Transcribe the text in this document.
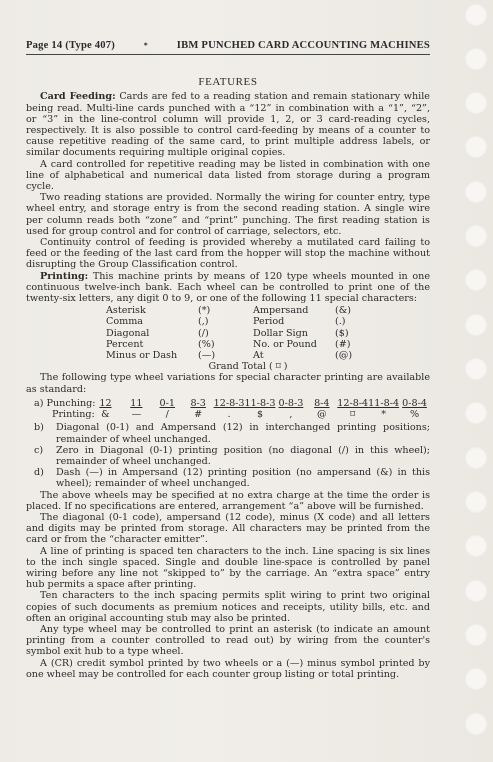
Page 14 (Type 407)	*	IBM PUNCHED CARD ACCOUNTING MACHINES
FEATURES

Card Feeding: Cards are fed to a reading station and remain stationary while being read. Multi-line cards punched with a “12” in combination with a “1”, “2”, or “3” in the line-control column will provide 1, 2, or 3 card-reading cycles, respectively. It is also possible to control card-feeding by means of a counter to cause repetitive reading of the same card, to print multiple address labels, or similar documents requiring multiple original copies.

A card controlled for repetitive reading may be listed in combination with one line of alphabetical and numerical data listed from storage during a program cycle.

Two reading stations are provided. Normally the wiring for counter entry, type wheel entry, and storage entry is from the second reading station. A single wire per column reads both “zone” and “print” punching. The first reading station is used for group control and for control of carriage, selectors, etc.

Continuity control of feeding is provided whereby a mutilated card failing to feed or the feeding of the last card from the hopper will stop the machine without disrupting the Group Classification control.

Printing: This machine prints by means of 120 type wheels mounted in one continuous twelve-inch bank. Each wheel can be controlled to print one of the twenty-six letters, any digit 0 to 9, or one of the following 11 special characters:

Asterisk	(*)	Ampersand	(&)
Comma	(,)	Period	(.)
Diagonal	(/)	Dollar Sign	($)
Percent	(%)	No. or Pound	(#)
Minus or Dash	(—)	At	(@)
Grand Total ( ⌑ )

The following type wheel variations for special character printing are available as standard:

a) Punching: 12	11	0-1	8-3 12-8-3 11-8-3 0-8-3	8-4 12-8-4 11-8-4 0-8-4
Printing: &	—	/	#	.	$	,	@	⌑	*	%
b)	Diagonal (0-1) and Ampersand (12) in interchanged printing positions; remainder of wheel unchanged.
c)	Zero in Diagonal (0-1) printing position (no diagonal (/) in this wheel); remainder of wheel unchanged.
d)	Dash (—) in Ampersand (12) printing position (no ampersand (&) in this wheel); remainder of wheel unchanged.

The above wheels may be specified at no extra charge at the time the order is placed. If no specifications are entered, arrangement “a” above will be furnished.

The diagonal (0-1 code), ampersand (12 code), minus (X code) and all letters and digits may be printed from storage. All characters may be printed from the card or from the “character emitter”.

A line of printing is spaced ten characters to the inch. Line spacing is six lines to the inch single spaced. Single and double line-space is controlled by panel wiring before any line not “skipped to” by the carriage. An “extra space” entry hub permits a space after printing.

Ten characters to the inch spacing permits split wiring to print two original copies of such documents as premium notices and receipts, utility bills, etc. and often an original accounting stub may also be printed.

Any type wheel may be controlled to print an asterisk (to indicate an amount printing from a counter controlled to read out) by wiring from the counter's symbol exit hub to a type wheel.

A (CR) credit symbol printed by two wheels or a (—) minus symbol printed by one wheel may be controlled for each counter group listing or total printing.
